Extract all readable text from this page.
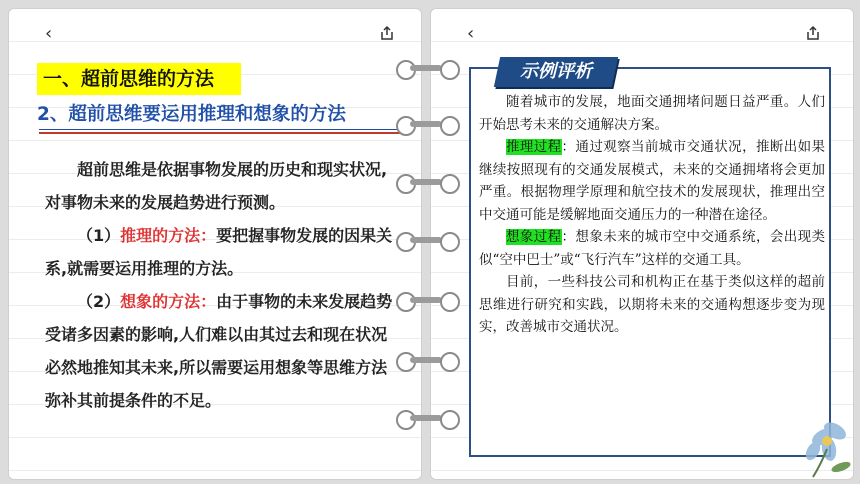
‹
一、超前思维的方法
2、超前思维要运用推理和想象的方法

超前思维是依据事物发展的历史和现实状况,对事物未来的发展趋势进行预测。

（1）推理的方法：要把握事物发展的因果关系,就需要运用推理的方法。

（2）想象的方法：由于事物的未来发展趋势受诸多因素的影响,人们难以由其过去和现在状况必然地推知其未来,所以需要运用想象等思维方法弥补其前提条件的不足。

‹
示例评析

随着城市的发展，地面交通拥堵问题日益严重。人们开始思考未来的交通解决方案。

推理过程：通过观察当前城市交通状况，推断出如果继续按照现有的交通发展模式，未来的交通拥堵将会更加严重。根据物理学原理和航空技术的发展现状，推理出空中交通可能是缓解地面交通压力的一种潜在途径。

想象过程：想象未来的城市空中交通系统，会出现类似“空中巴士”或“飞行汽车”这样的交通工具。

目前，一些科技公司和机构正在基于类似这样的超前思维进行研究和实践，以期将未来的交通构想逐步变为现实，改善城市交通状况。
